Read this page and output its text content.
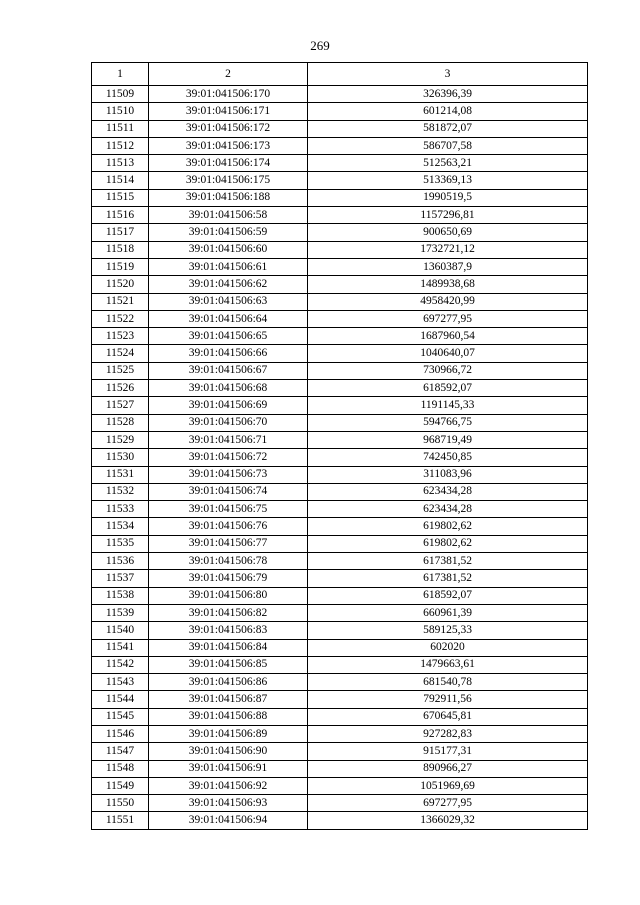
269
1	2	3
11509	39:01:041506:170	326396,39
11510	39:01:041506:171	601214,08
11511	39:01:041506:172	581872,07
11512	39:01:041506:173	586707,58
11513	39:01:041506:174	512563,21
11514	39:01:041506:175	513369,13
11515	39:01:041506:188	1990519,5
11516	39:01:041506:58	1157296,81
11517	39:01:041506:59	900650,69
11518	39:01:041506:60	1732721,12
11519	39:01:041506:61	1360387,9
11520	39:01:041506:62	1489938,68
11521	39:01:041506:63	4958420,99
11522	39:01:041506:64	697277,95
11523	39:01:041506:65	1687960,54
11524	39:01:041506:66	1040640,07
11525	39:01:041506:67	730966,72
11526	39:01:041506:68	618592,07
11527	39:01:041506:69	1191145,33
11528	39:01:041506:70	594766,75
11529	39:01:041506:71	968719,49
11530	39:01:041506:72	742450,85
11531	39:01:041506:73	311083,96
11532	39:01:041506:74	623434,28
11533	39:01:041506:75	623434,28
11534	39:01:041506:76	619802,62
11535	39:01:041506:77	619802,62
11536	39:01:041506:78	617381,52
11537	39:01:041506:79	617381,52
11538	39:01:041506:80	618592,07
11539	39:01:041506:82	660961,39
11540	39:01:041506:83	589125,33
11541	39:01:041506:84	602020
11542	39:01:041506:85	1479663,61
11543	39:01:041506:86	681540,78
11544	39:01:041506:87	792911,56
11545	39:01:041506:88	670645,81
11546	39:01:041506:89	927282,83
11547	39:01:041506:90	915177,31
11548	39:01:041506:91	890966,27
11549	39:01:041506:92	1051969,69
11550	39:01:041506:93	697277,95
11551	39:01:041506:94	1366029,32
